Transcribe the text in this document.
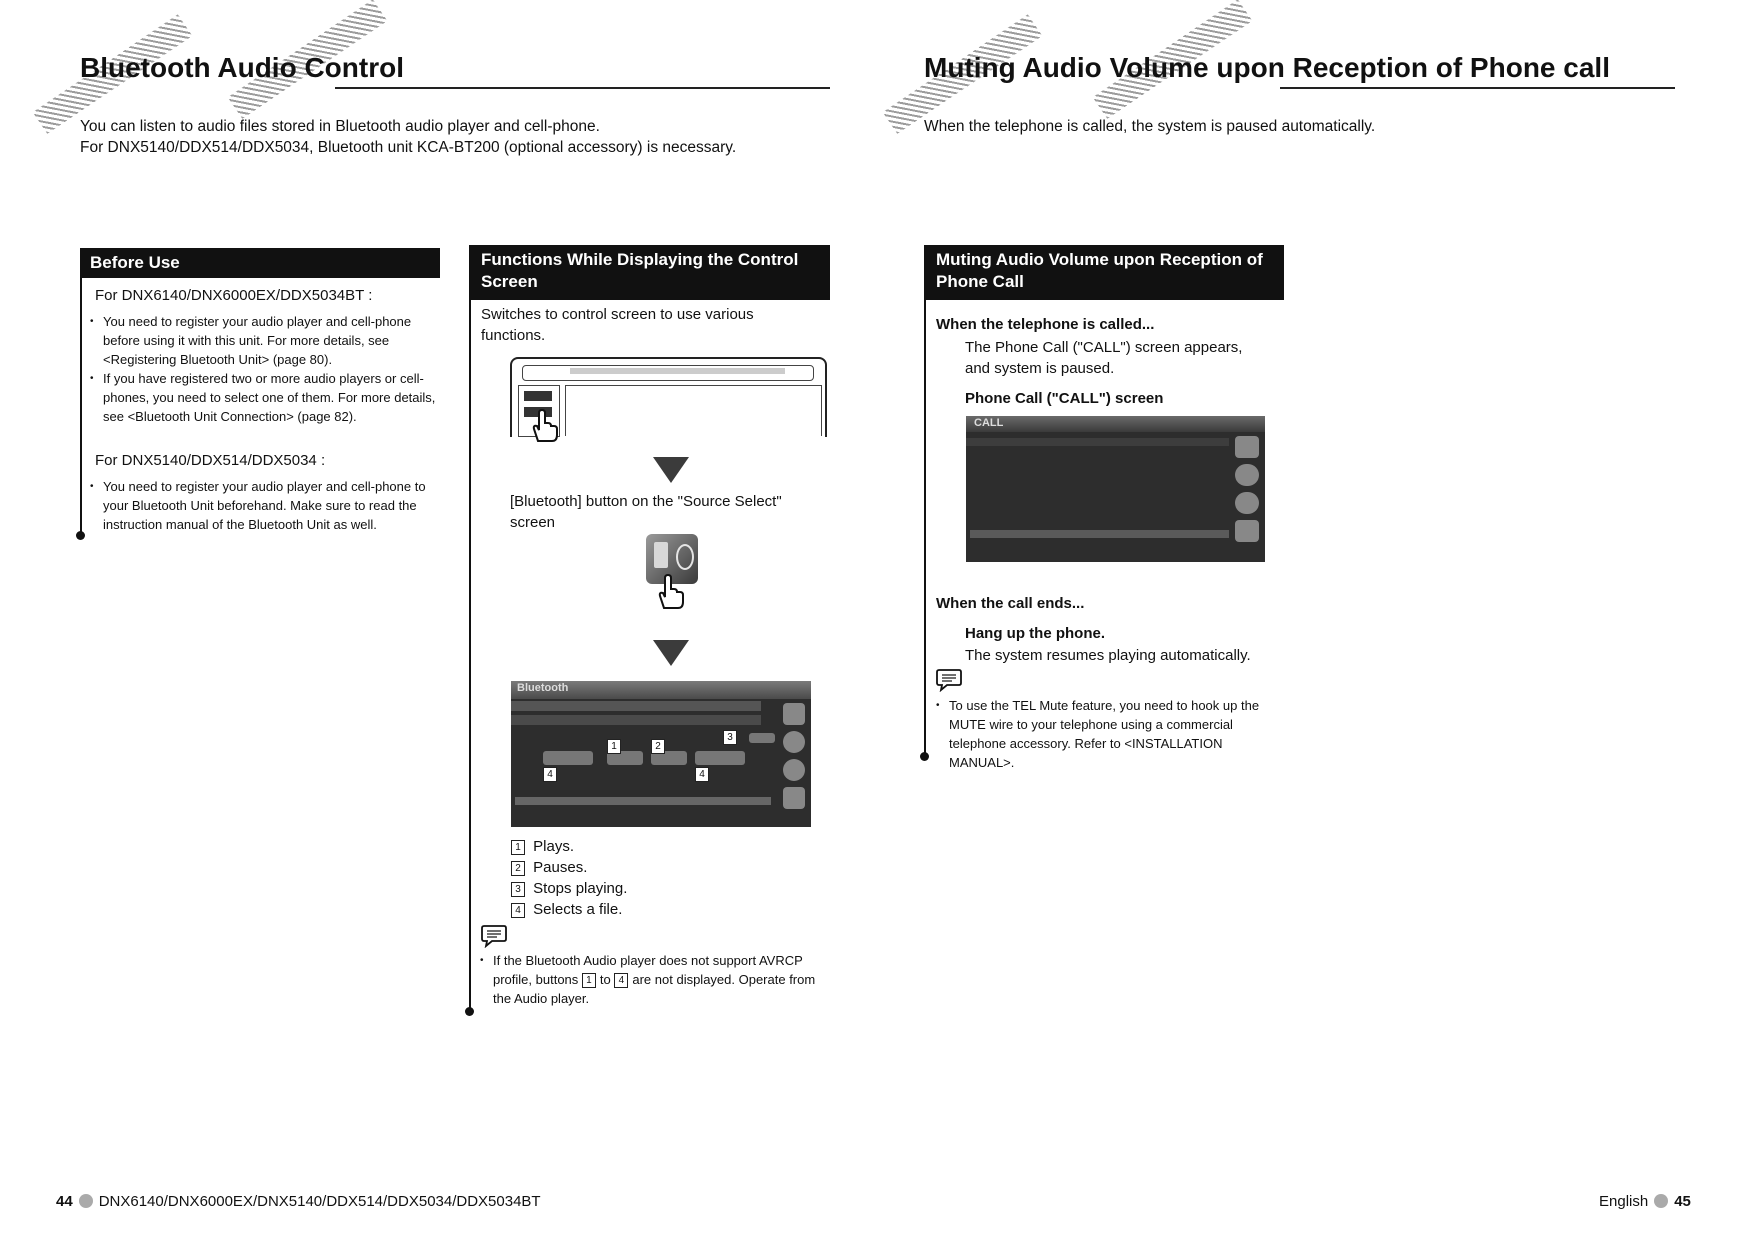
Bluetooth Audio Control
You can listen to audio files stored in Bluetooth audio player and cell-phone.
For DNX5140/DDX514/DDX5034, Bluetooth unit KCA-BT200 (optional accessory) is necessary.
Before Use
For DNX6140/DNX6000EX/DDX5034BT :
• You need to register your audio player and cell-phone before using it with this unit. For more details, see <Registering Bluetooth Unit> (page 80).
• If you have registered two or more audio players or cell-phones, you need to select one of them. For more details, see <Bluetooth Unit Connection> (page 82).
For DNX5140/DDX514/DDX5034 :
• You need to register your audio player and cell-phone to your Bluetooth Unit beforehand. Make sure to read the instruction manual of the Bluetooth Unit as well.
Functions While Displaying the Control Screen
Switches to control screen to use various functions.
[Bluetooth] button on the "Source Select" screen
Bluetooth
1	2
3
4	4
1 Plays.
2 Pauses.
3 Stops playing.
4 Selects a file.
• If the Bluetooth Audio player does not support AVRCP profile, buttons 1 to 4 are not displayed. Operate from the Audio player.
44 DNX6140/DNX6000EX/DNX5140/DDX514/DDX5034/DDX5034BT
Muting Audio Volume upon Reception of Phone call
When the telephone is called, the system is paused automatically.
Muting Audio Volume upon Reception of Phone Call
When the telephone is called...
The Phone Call ("CALL") screen appears, and system is paused.
Phone Call ("CALL") screen
CALL
When the call ends...
Hang up the phone.
The system resumes playing automatically.
• To use the TEL Mute feature, you need to hook up the MUTE wire to your telephone using a commercial telephone accessory. Refer to <INSTALLATION MANUAL>.
English 45
